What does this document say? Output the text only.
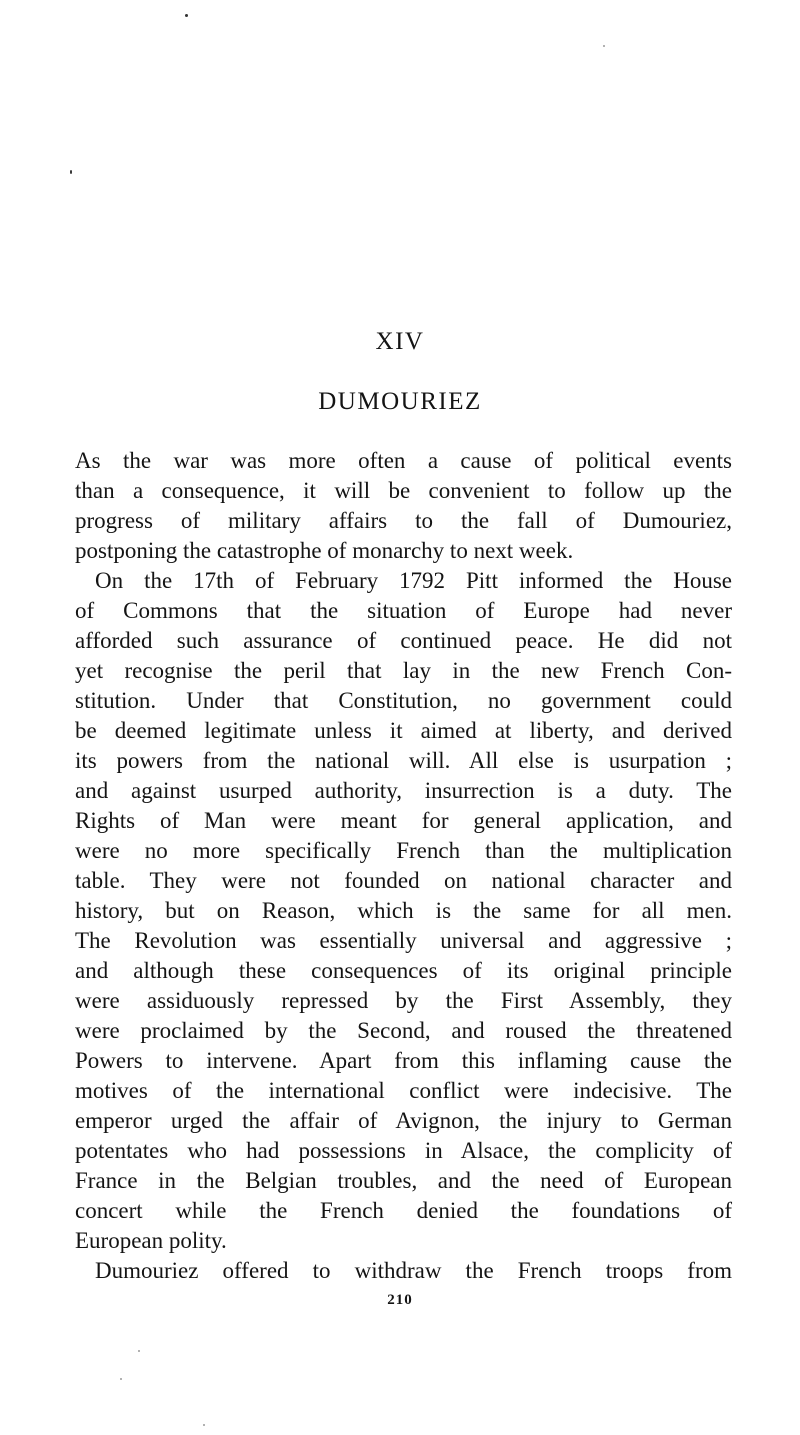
XIV
DUMOURIEZ
As the war was more often a cause of political events
than a consequence, it will be convenient to follow up the
progress of military affairs to the fall of Dumouriez,
postponing the catastrophe of monarchy to next week.
On the 17th of February 1792 Pitt informed the House
of Commons that the situation of Europe had never
afforded such assurance of continued peace. He did not
yet recognise the peril that lay in the new French Con-
stitution. Under that Constitution, no government could
be deemed legitimate unless it aimed at liberty, and derived
its powers from the national will. All else is usurpation ;
and against usurped authority, insurrection is a duty. The
Rights of Man were meant for general application, and
were no more specifically French than the multiplication
table. They were not founded on national character and
history, but on Reason, which is the same for all men.
The Revolution was essentially universal and aggressive ;
and although these consequences of its original principle
were assiduously repressed by the First Assembly, they
were proclaimed by the Second, and roused the threatened
Powers to intervene. Apart from this inflaming cause the
motives of the international conflict were indecisive. The
emperor urged the affair of Avignon, the injury to German
potentates who had possessions in Alsace, the complicity of
France in the Belgian troubles, and the need of European
concert while the French denied the foundations of
European polity.
Dumouriez offered to withdraw the French troops from
210
